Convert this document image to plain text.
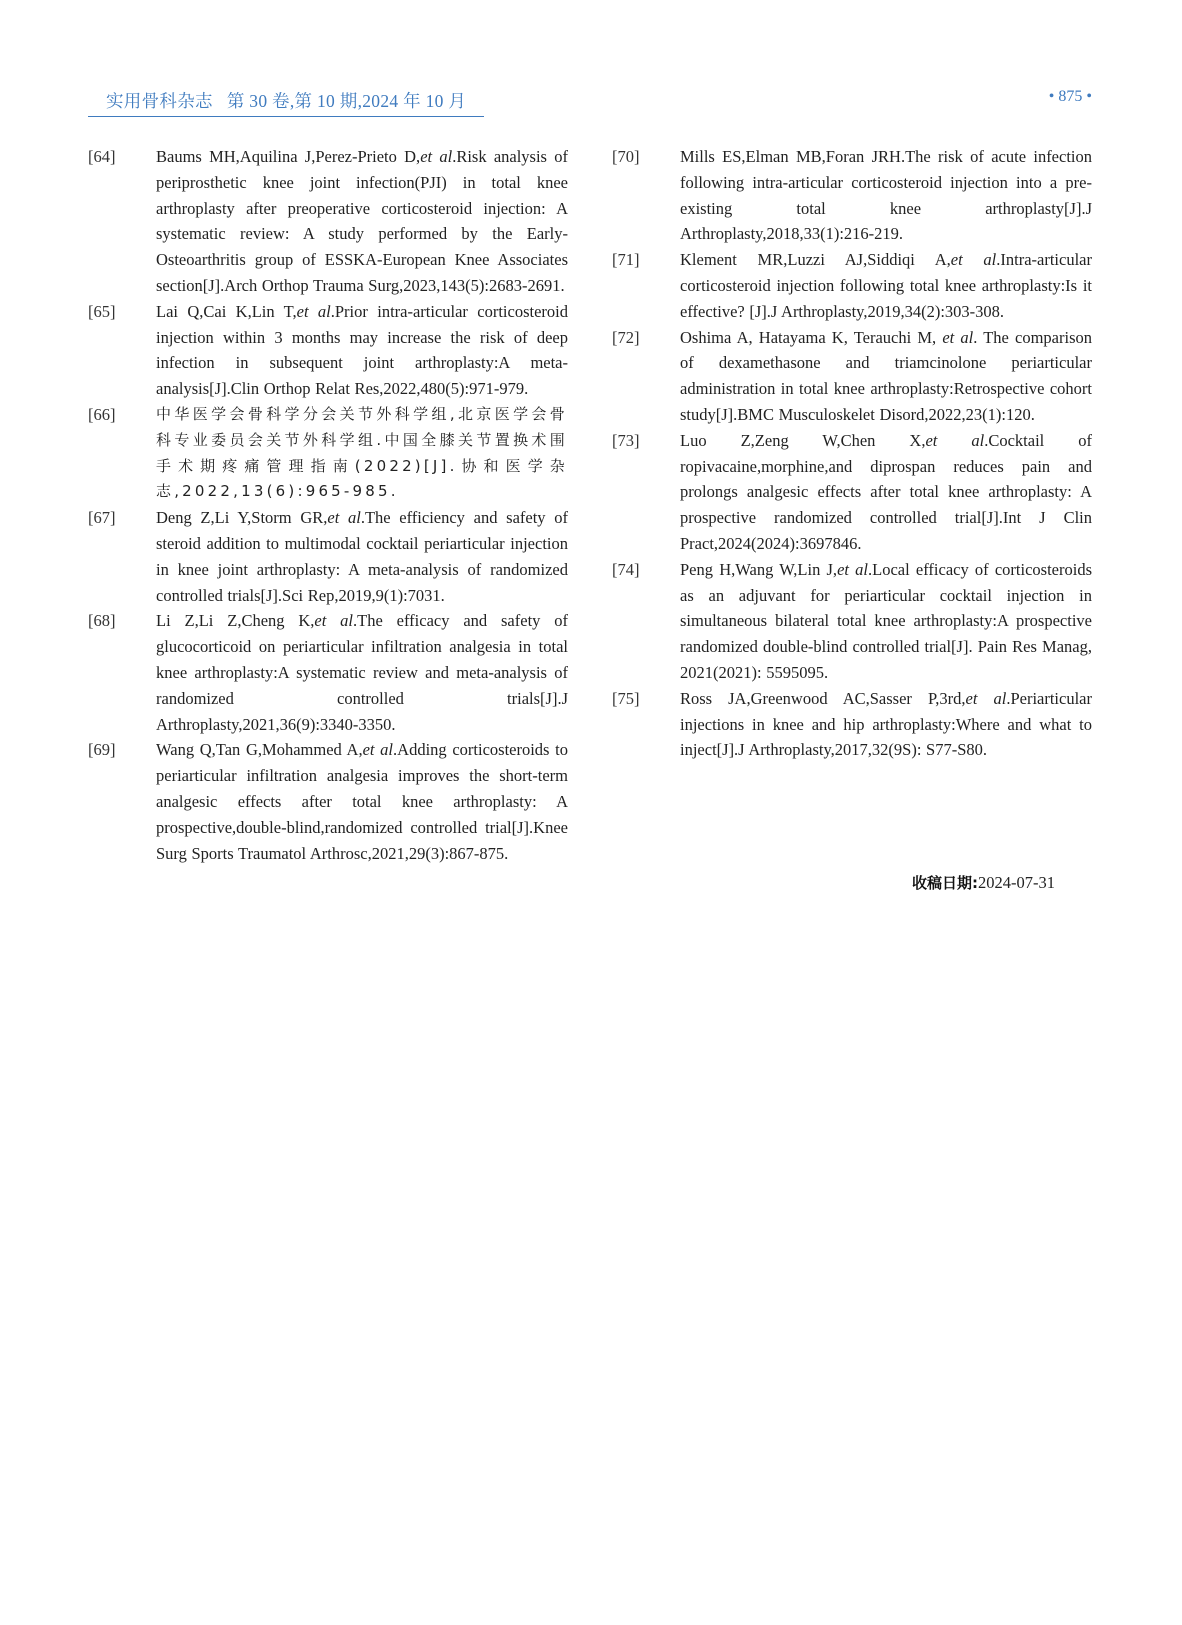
实用骨科杂志 第 30 卷,第 10 期,2024 年 10 月	• 875 •
[64] Baums MH,Aquilina J,Perez-Prieto D,et al.Risk analysis of periprosthetic knee joint infection(PJI) in total knee arthroplasty after preoperative corticosteroid injection: A systematic review: A study performed by the Early-Osteoarthritis group of ESSKA-European Knee Associates section[J].Arch Orthop Trauma Surg,2023,143(5):2683-2691.
[65] Lai Q,Cai K,Lin T,et al.Prior intra-articular corticosteroid injection within 3 months may increase the risk of deep infection in subsequent joint arthroplasty:A meta-analysis[J].Clin Orthop Relat Res,2022,480(5):971-979.
[66]	中华医学会骨科学分会关节外科学组,北京医学会骨科专业委员会关节外科学组.中国全膝关节置换术围手术期疼痛管理指南(2022)[J].协和医学杂志,2022,13(6):965-985.
[67] Deng Z,Li Y,Storm GR,et al.The efficiency and safety of steroid addition to multimodal cocktail periarticular injection in knee joint arthroplasty: A meta-analysis of randomized controlled trials[J].Sci Rep,2019,9(1):7031.
[68] Li Z,Li Z,Cheng K,et al.The efficacy and safety of glucocorticoid on periarticular infiltration analgesia in total knee arthroplasty:A systematic review and meta-analysis of randomized controlled trials[J].J Arthroplasty,2021,36(9):3340-3350.
[69] Wang Q,Tan G,Mohammed A,et al.Adding corticosteroids to periarticular infiltration analgesia improves the short-term analgesic effects after total knee arthroplasty: A prospective,double-blind,randomized controlled trial[J].Knee Surg Sports Traumatol Arthrosc,2021,29(3):867-875.
[70] Mills ES,Elman MB,Foran JRH.The risk of acute infection following intra-articular corticosteroid injection into a pre-existing total knee arthroplasty[J].J Arthroplasty,2018,33(1):216-219.
[71] Klement MR,Luzzi AJ,Siddiqi A,et al.Intra-articular corticosteroid injection following total knee arthroplasty:Is it effective? [J].J Arthroplasty,2019,34(2):303-308.
[72] Oshima A, Hatayama K, Terauchi M, et al. The comparison of dexamethasone and triamcinolone periarticular administration in total knee arthroplasty:Retrospective cohort study[J].BMC Musculoskelet Disord,2022,23(1):120.
[73] Luo Z,Zeng W,Chen X,et al.Cocktail of ropivacaine,morphine,and diprospan reduces pain and prolongs analgesic effects after total knee arthroplasty: A prospective randomized controlled trial[J].Int J Clin Pract,2024(2024):3697846.
[74] Peng H,Wang W,Lin J,et al.Local efficacy of corticosteroids as an adjuvant for periarticular cocktail injection in simultaneous bilateral total knee arthroplasty:A prospective randomized double-blind controlled trial[J]. Pain Res Manag, 2021(2021): 5595095.
[75] Ross JA,Greenwood AC,Sasser P,3rd,et al.Periarticular injections in knee and hip arthroplasty:Where and what to inject[J].J Arthroplasty,2017,32(9S): S77-S80.
收稿日期:2024-07-31
